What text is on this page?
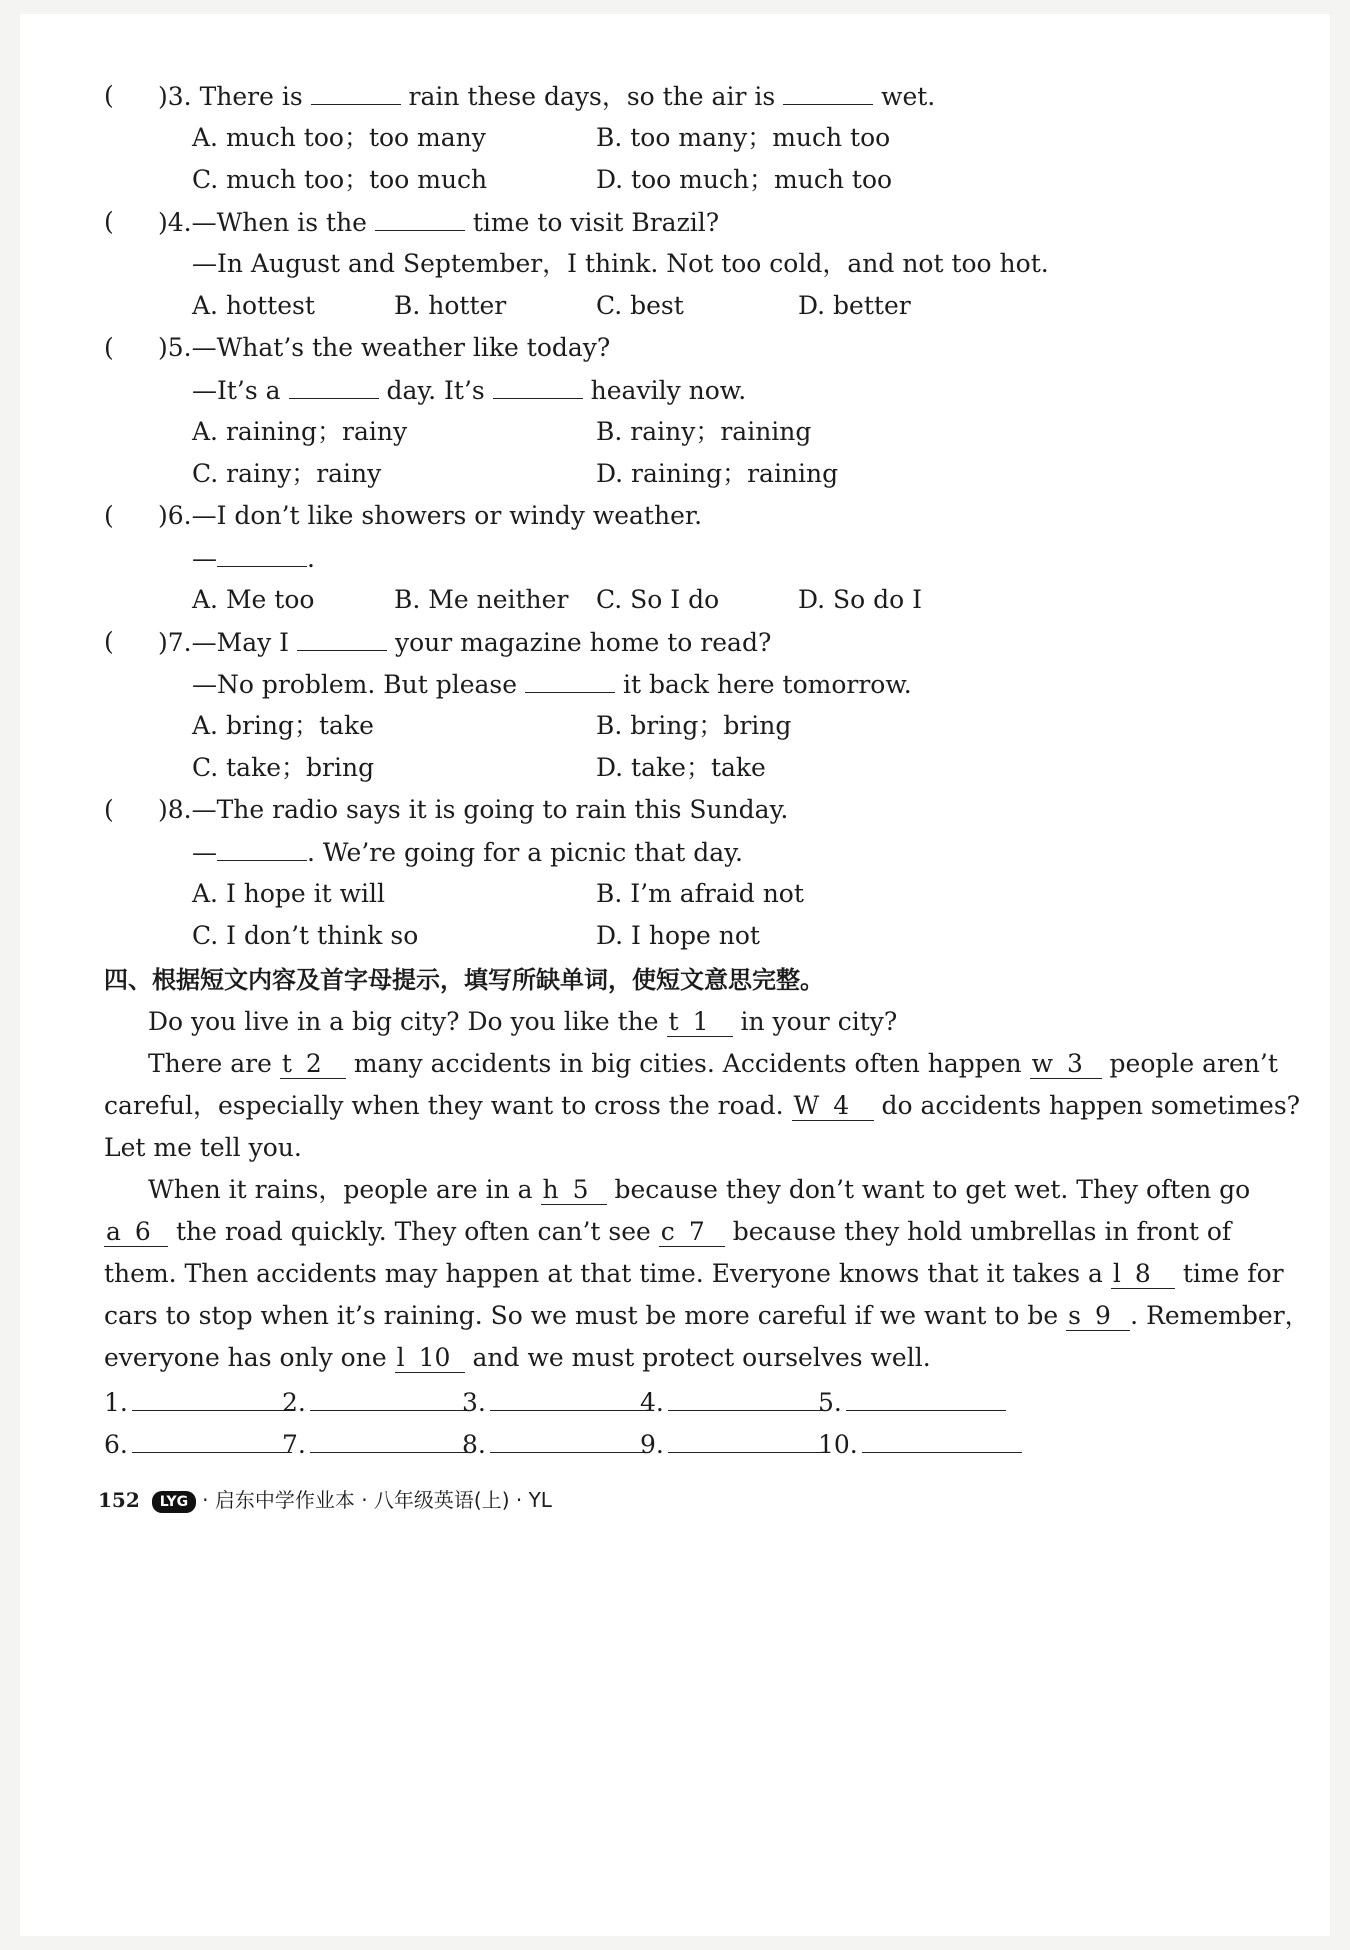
( )3. There is	rain these days，so the air is	wet.
A. much too；too many	B. too many；much too
C. much too；too much	D. too much；much too
( )4.—When is the	time to visit Brazil?
—In August and September，I think. Not too cold，and not too hot.
A. hottest	B. hotter	C. best	D. better
( )5.—What’s the weather like today?
—It’s a	day. It’s	heavily now.
A. raining；rainy	B. rainy；raining
C. rainy；rainy	D. raining；raining
( )6.—I don’t like showers or windy weather.
—	.
A. Me too	B. Me neither C. So I do	D. So do I
( )7.—May I	your magazine home to read?
—No problem. But please	it back here tomorrow.
A. bring；take	B. bring；bring
C. take；bring	D. take；take
( )8.—The radio says it is going to rain this Sunday.
—	. We’re going for a picnic that day.
A. I hope it will	B. I’m afraid not
C. I don’t think so	D. I hope not
四、根据短文内容及首字母提示，填写所缺单词，使短文意思完整。
Do you live in a big city? Do you like the t 1 in your city?
There are t 2 many accidents in big cities. Accidents often happen w 3 people aren’t
careful，especially when they want to cross the road. W 4 do accidents happen sometimes?
Let me tell you.
When it rains，people are in a h 5 because they don’t want to get wet. They often go
a 6 the road quickly. They often can’t see c 7 because they hold umbrellas in front of
them. Then accidents may happen at that time. Everyone knows that it takes a l 8 time for
cars to stop when it’s raining. So we must be more careful if we want to be s 9 . Remember，
everyone has only one l 10 and we must protect ourselves well.
1.	2.	3.	4.	5.
6.	7.	8.	9.	10.
152 LYG · 启东中学作业本 · 八年级英语(上) · YL
